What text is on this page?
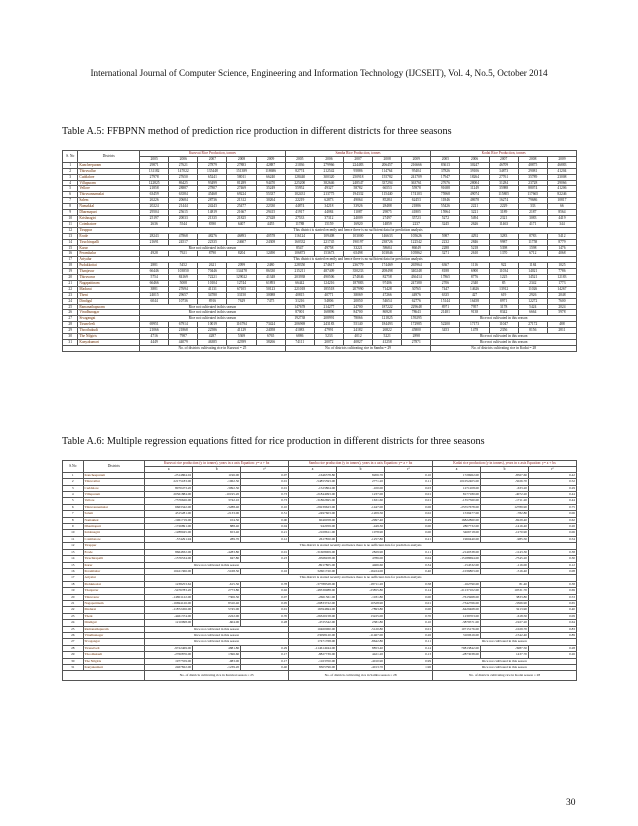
International Journal of Computer Science, Engineering and Information Technology (IJCSEIT), Vol. 4, No.5, October 2014
Table A.5: FFBPNN method of prediction rice production in different districts for three seasons
S. No	Districts	Kuruvai Rice Production, tonnes					Samba Rice Production, tonnes					Kodai Rice Production, tonnes				
		2005	2006	2007	2008	2009	2005	2006	2007	2008	2009	2005	2006	2007	2008	2009
1	Kancheepuram	29871	27621	27879	27883	42887	21036	279966	224483	206457	216666	83613	30247	46709	48875	46883
2	Thiruvallur	131182	147022	135448	151389	118686	82774	212542	95886	114764	95404	37826	39106	34873	29081	41204
3	Cuddalore	27978	27650	65241	58011	66240	128440	300320	250918	155782	241709	17947	18264	27761	35789	23008
4	Villupuram	122825	86425	93499	81289	94470	225200	382646	248547	337294	363761	27676	28004	31284	23728	29066
5	Vellore	21858	28887	27807	27469	35249	55952	49327	58782	66553	55978	91688	11249	35988	88074	41206
6	Thiruvannamalai	63459	63584	45468	69224	55337	102431	213775	194332	115440	174103	75968	49074	115805	117665	82246
7	Salem	26226	20684	28736	21312	30264	22219	62873	49064	85284	62453	11846	48678	16274	79686	10817
8	Namakkal	20224	21444	24243	25477	22330	44874	34218	33926	28488	21886	55426	2221	2229	333	66
9	Dharmapuri	29504	25615	14819	21667	29415	41917	44084	11087	29875	41805	15964	3221	3189	2187	8564
10	Krishnagiri	25197	20033	21335	21825	27428	27533	37312	24009	27497	35723	5272	5494	2321	3083	4419
11	Coimbatore	2636	5544	8390	6407	4455	11788	15159	16920	14859	2237	3245	2626	11463	4171	344
12	Tiruppur	This district is started recently and hence there is no sufficient data for prediction analysis														
13	Erode	28243	47868	48276	46893	40578	116124	109408	103000	146633	105626	5987	4292	3283	8783	5412
14	Tiruchirapalli	21691	24517	22335	24607	24308	160332	221745	190197	238726	122542	2232	2846	9987	11758	8779
15	Karur	Rice not cultivated in this season					8547	49758	33221	58684	86049	2288	5218	5398	1598	1476
16	Perambalur	4928	7921	8790	8204	12490	106873	153673	65498	103846	105862	3271	2610	1370	6712	4068
17	Ariyalur	This district is started recently and hence there is no sufficient data for prediction analysis														
18	Pudukkottai	2881	5452	2621	2099	2480	228350	274617	236779	174469	265964	6367	1116	922	1184	1025
19	Thanjavur	66446	103850	70446	134478	86330	215211	487409	350233	208498	340248	8188	6900	11034	14021	7786
20	Thiruvarur	5754	84169	72221	129022	41348	203938	490506	274846	82758	436414	17865	8776	1225	14521	12183
21	Nagapattinam	66466	5008	10104	12744	61893	66442	124216	187883	97406	247380	2706	2340	85	2342	1773
22	Madurai	3881	27694	41131	67105	50123	221018	185518	207990	71428	30765	7447	14626	13912	11026	14267
23	Theni	24015	29657	34780	33150	30088	40815	40771	38069	47266	44976	6335	427	619	2926	2048
24	Dindigul	6044	10736	8916	7629	7475	31216	54806	20050	54654	62776	15144	16458	8971	12272	7600
25	Ramanathapuram	Rice not cultivated in this season					147678	214277	24700	187222	229648	8971	7957	3178	5424	2024
26	Virudhunagar	Rice not cultivated in this season					87001	168896	84700	86928	78643	21481	9138	8342	6664	5978
27	Sivagangai	Rice not cultivated in this season					192738	208991	78066	121825	159295	Rice not cultivated in this season				
28	Tirunelveli	69951	67914	10019	116794	73424	206969	243183	55140	184493	172985	52200	17173	11047	27172	488
29	Thoothukudi	21066	21868	22586	41129	24058	41083	47991	24182	26822	45800	3453	1478	2356	8156	2811
30	The Nilgiris	4716	7987	4287	5369	6765	6886	5233	4012	5221	2898	Rice not cultivated in this season				
31	Kanyakumari	4449	44079	46385	42399	38266	74111	20072	40827	41258	27871	Rice not cultivated in this season				
		No. of districts cultivating rice in Kuruvai = 25					No. of districts cultivating rice in Samba = 29					No. of districts cultivating rice in Kodai = 28				
Table A.6: Multiple regression equations fitted for rice production in different districts for three seasons
S.No	Districts	Kuruvai rice production (y in tonnes), years in x axis Equation: y= a + bx			Samba rice production (y in tonnes), years in x axis Equation: y= a + bx			Kodai rice production (y in tonnes), years in x axis Equation: y= a + bx		
		a	b	r²	a	b	r²	a	b	r²
1	Kancheepuram	-2314864.02	1196.00	0.07	-1646378.80	8206.70	0.10	1726962.00	-8567.60	0.42
2	Thiruvallur	22175183.00	-1062.50	0.01	-54855593.00	2771.20	0.11	101052405.00	-5026.70	0.52
3	Cuddalore	8070473.20	-3992.50	0.01	-1523804.00	-100.00	0.03	1271208.00	-633.20	0.29
4	Villupuram	20561884.00	-10195.20	0.73	-21844093.00	1237.00	0.01	8177180.00	-4072.20	0.44
5	Vellore	-7376626.00	3742.10	0.73	-31862695.00	1631.60	0.01	-1357560.00	-1711.20	0.44
6	Thiruvannamalai	6663342.00	-3288.40	0.10	-29239623.00	-1447.00	0.06	-25557678.00	12789.90	0.75
7	Salem	4315281.00	-2133.00	0.51	-2497603.00	-1209.50	0.02	1539477.00	-782.80	0.06
8	Namakkal	-1961719.00	104.50	0.00	6046058.00	-2997.40	0.29	16822860.00	-8229.40	0.62
9	Dharmapuri	-1726891.00	888.40	0.04	942059.00	-449.30	0.00	2807732.00	-1416.40	0.26
10	Krishnagiri	-1288045.00	653.40	0.21	-2108611.00	1078.90	0.00	3466718.00	-1270.90	0.06
11	Coimbatore	-574291.94	289.70	0.12	2617850.00	-1257.80	0.21	1960440.00	-985.50	0.54
12	Tiruppur	This district is started recently and hence there is no sufficient data for prediction analysis								
13	Erode	8664832.00	-4283.80	0.01	-31608009.00	2829.90	0.11	-2140338.00	-1143.30	0.38
14	Tiruchirapalli	-1576534.00	947.80	0.23	-9568458.00	4786.00	0.04	-15188694.00	-7545.20	0.30
15	Karur	Rice not cultivated in this season			-8917805.00	4466.60	0.34	-154532.00	-116.00	0.12
16	Perambalur	10421366.00	-5168.50	0.16	32601720.00	-16224.00	0.40	-1036803.00	-516.40	0.08
17	Ariyalur	This district is started recently and hence there is no sufficient data for prediction analysis								
18	Pudukkottai	1238253.62	-615.50	0.78	-37788328.00	-18711.20	0.58	-162790.00	81.40	0.38
19	Thanjavur	-5476783.20	2773.80	0.02	-48336988.00	-23855.80	0.14	-21137102.00	10531.70	0.69
20	Thiruvarur	-14801122.00	7306.50	0.07	-2661561.00	-1181.80	0.00	-7615968.00	3833.80	0.53
21	Nagapattinam	-16694126.00	8310.40	0.05	-20833722.00	10528.90	0.01	-7342766.00	-3366.90	0.65
22	Madurai	-11872456.00	5745.00	0.01	16594694.00	-7893.80	0.00	-6429468.00	3213.90	0.40
23	Theni	-4461374.00	2222.00	0.70	-26320158.00	13225.00	0.70	1239703.00	-618.50	0.09
24	Dindigul	1210998.00	-604.00	0.28	-4725342.00	2381.80	0.10	-3879571.00	-1927.20	0.64
25	Ramanathapuram	Rice not cultivated in this season			10460060.00	-5120.80	0.01	10715176.00	-1029.70	0.83
26	Virudhunagar	Rice not cultivated in this season			23098120.00	-11467.00	0.26	3100616.00	-1542.40	0.89
27	Sivagangai	Rice not cultivated in this season			17471768.00	-8642.80	0.11	Rice not cultivated in this season		
28	Tirunelveli	-9722469.00	4881.80	0.29	-114614944.00	8853.40	0.14	79813842.00	-3987.50	0.28
29	Thoothukudi	-2760876.00	1396.60	0.17	-8827739.00	4421.20	0.13	-2873038.00	1437.70	0.26
30	The Nilgiris	1977559.00	-983.00	0.17	-1163700.00	-4010.90	0.99	Rice not cultivated in this season		
31	Kanyakumari	2467822.00	-1239.20	0.40	8305796.00	-4013.70	1.96	Rice not cultivated in this season		
		No. of districts cultivating rice in Kuruvai season = 25			No. of districts cultivating rice in Samba season = 28			No. of districts cultivating rice in Kodai season = 28		
30
